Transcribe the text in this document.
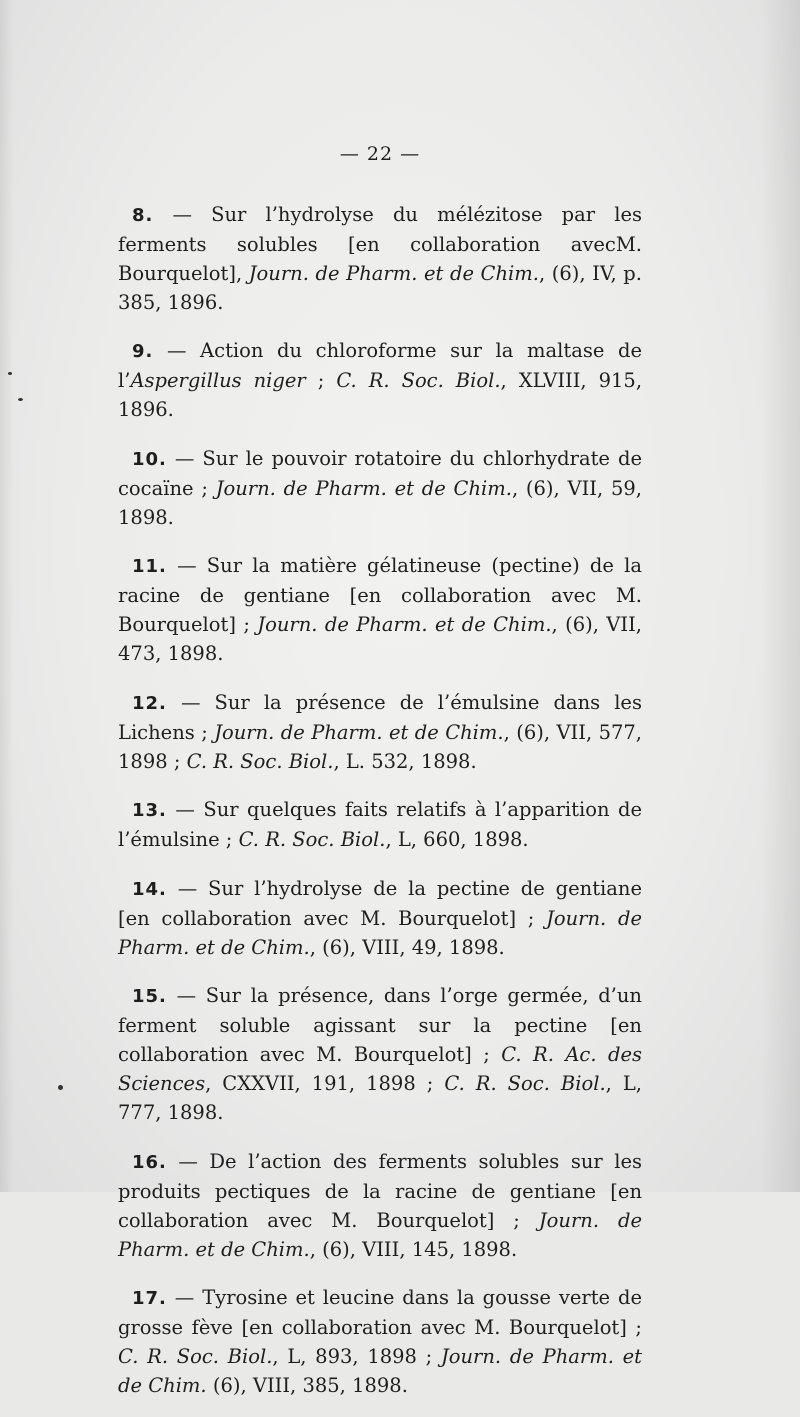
— 22 —

8. — Sur l’hydrolyse du mélézitose par les ferments solubles [en collaboration avecM. Bourquelot], Journ. de Pharm. et de Chim., (6), IV, p. 385, 1896.

9. — Action du chloroforme sur la maltase de l’Aspergillus niger ; C. R. Soc. Biol., XLVIII, 915, 1896.

10. — Sur le pouvoir rotatoire du chlorhydrate de cocaïne ; Journ. de Pharm. et de Chim., (6), VII, 59, 1898.

11. — Sur la matière gélatineuse (pectine) de la racine de gentiane [en collaboration avec M. Bourquelot] ; Journ. de Pharm. et de Chim., (6), VII, 473, 1898.

12. — Sur la présence de l’émulsine dans les Lichens ; Journ. de Pharm. et de Chim., (6), VII, 577, 1898 ; C. R. Soc. Biol., L. 532, 1898.

13. — Sur quelques faits relatifs à l’apparition de l’émulsine ; C. R. Soc. Biol., L, 660, 1898.

14. — Sur l’hydrolyse de la pectine de gentiane [en collaboration avec M. Bourquelot] ; Journ. de Pharm. et de Chim., (6), VIII, 49, 1898.

15. — Sur la présence, dans l’orge germée, d’un ferment soluble agissant sur la pectine [en collaboration avec M. Bourquelot] ; C. R. Ac. des Sciences, CXXVII, 191, 1898 ; C. R. Soc. Biol., L, 777, 1898.

16. — De l’action des ferments solubles sur les produits pectiques de la racine de gentiane [en collaboration avec M. Bourquelot] ; Journ. de Pharm. et de Chim., (6), VIII, 145, 1898.

17. — Tyrosine et leucine dans la gousse verte de grosse fève [en collaboration avec M. Bourquelot] ; C. R. Soc. Biol., L, 893, 1898 ; Journ. de Pharm. et de Chim. (6), VIII, 385, 1898.
